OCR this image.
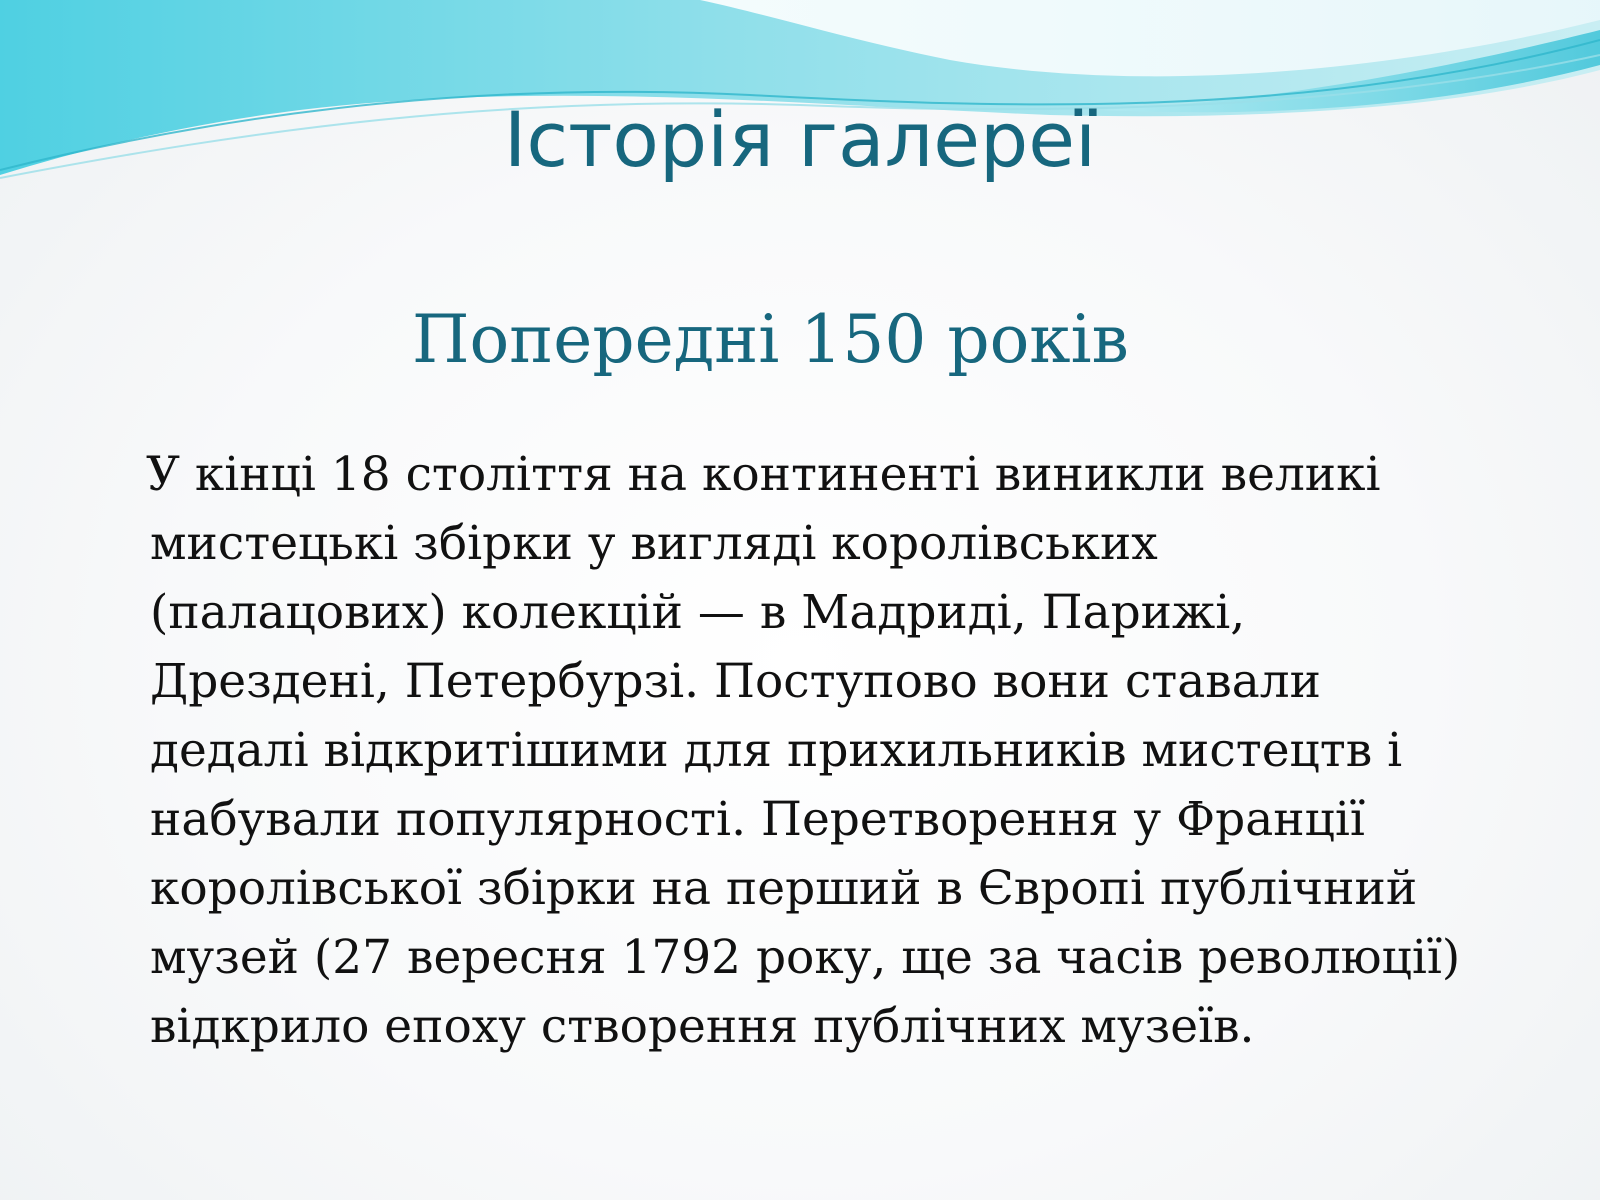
Історія галереї
Попередні 150 років

У кінці 18 століття на континенті виникли великі
мистецькі збірки у вигляді королівських
(палацових) колекцій — в Мадриді, Парижі,
Дрездені, Петербурзі. Поступово вони ставали
дедалі відкритішими для прихильників мистецтв і
набували популярності. Перетворення у Франції
королівської збірки на перший в Європі публічний
музей (27 вересня 1792 року, ще за часів революції)
відкрило епоху створення публічних музеїв.
